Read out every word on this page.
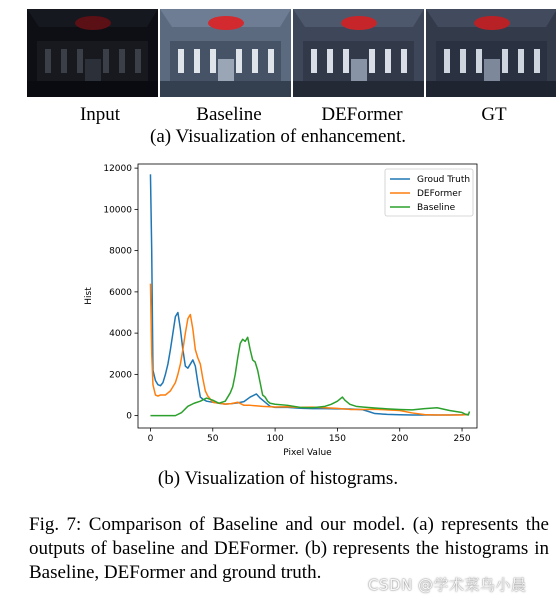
Input	Baseline	DEFormer	GT
(a) Visualization of enhancement.
0	50	100	150	200	250
0
2000
4000
6000
8000
10000
12000
Pixel Value
Hist
Groud Truth
DEFormer
Baseline
(b) Visualization of histograms.
Fig. 7: Comparison of Baseline and our model. (a) represents the outputs of baseline and DEFormer. (b) represents the histograms in Baseline, DEFormer and ground truth.
CSDN @学术菜鸟小晨
